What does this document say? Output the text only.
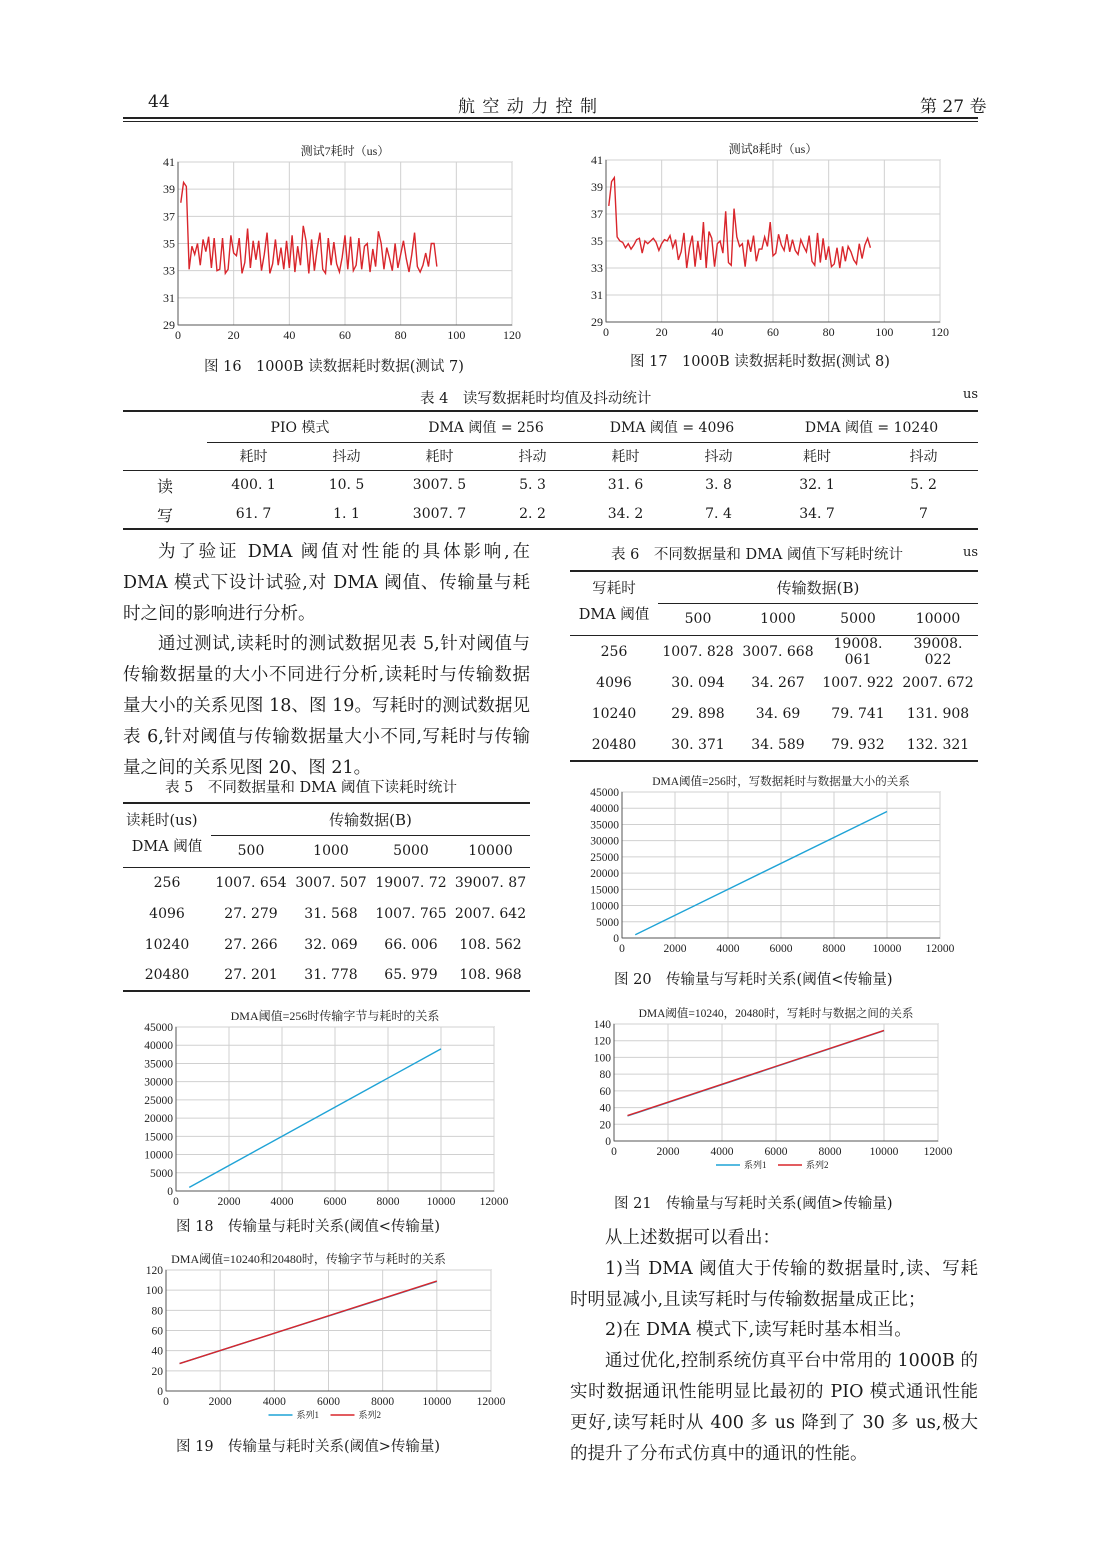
44	航 空 动 力 控 制	第 27 卷
测试7耗时（us）
29
31
33
35
37
39
41
0	20	40	60	80	100	120
图 16　1000B 读数据耗时数据(测试 7)
测试8耗时（us）
29
31
33
35
37
39
41
0	20	40	60	80	100	120
图 17　1000B 读数据耗时数据(测试 8)
表 4　读写数据耗时均值及抖动统计	us
	PIO 模式		DMA 阈值 = 256		DMA 阈值 = 4096		DMA 阈值 = 10240	
	耗时	抖动	耗时	抖动	耗时	抖动	耗时	抖动
读	400. 1	10. 5	3007. 5	5. 3	31. 6	3. 8	32. 1	5. 2
写	61. 7	1. 1	3007. 7	2. 2	34. 2	7. 4	34. 7	7

为了验证 DMA 阈值对性能的具体影响,在 DMA 模式下设计试验,对 DMA 阈值、传输量与耗时之间的影响进行分析。

通过测试,读耗时的测试数据见表 5,针对阈值与传输数据量的大小不同进行分析,读耗时与传输数据量大小的关系见图 18、图 19。写耗时的测试数据见表 6,针对阈值与传输数据量大小不同,写耗时与传输量之间的关系见图 20、图 21。

表 5　不同数据量和 DMA 阈值下读耗时统计
读耗时(us)	传输数据(B)			
DMA 阈值	500	1000	5000	10000
256	1007. 654	3007. 507	19007. 72	39007. 87
4096	27. 279	31. 568	1007. 765	2007. 642
10240	27. 266	32. 069	66. 006	108. 562
20480	27. 201	31. 778	65. 979	108. 968
DMA阈值=256时传输字节与耗时的关系
0
5000
10000
15000
20000
25000
30000
35000
40000
45000
0	2000	4000	6000	8000 10000 12000
图 18　传输量与耗时关系(阈值<传输量)
DMA阈值=10240和20480时，传输字节与耗时的关系
0
20
40
60
80
100
120
0	2000	4000	6000	8000 10000 12000
系列1	系列2
图 19　传输量与耗时关系(阈值>传输量)
表 6　不同数据量和 DMA 阈值下写耗时统计	us
写耗时	传输数据(B)			
DMA 阈值	500	1000	5000	10000
256	1007. 828	3007. 668	19008. 061	39008. 022
4096	30. 094	34. 267	1007. 922	2007. 672
10240	29. 898	34. 69	79. 741	131. 908
20480	30. 371	34. 589	79. 932	132. 321
DMA阈值=256时，写数据耗时与数据量大小的关系
0
5000
10000
15000
20000
25000
30000
35000
40000
45000
0	2000	4000	6000	8000 10000 12000
图 20　传输量与写耗时关系(阈值<传输量)
DMA阈值=10240，20480时，写耗时与数据之间的关系
0
20
40
60
80
100
120
140
0	2000	4000	6000	8000 10000 12000
系列1	系列2
图 21　传输量与写耗时关系(阈值>传输量)

从上述数据可以看出：

1)当 DMA 阈值大于传输的数据量时,读、写耗时明显减小,且读写耗时与传输数据量成正比；

2)在 DMA 模式下,读写耗时基本相当。

通过优化,控制系统仿真平台中常用的 1000B 的实时数据通讯性能明显比最初的 PIO 模式通讯性能更好,读写耗时从 400 多 us 降到了 30 多 us,极大的提升了分布式仿真中的通讯的性能。
